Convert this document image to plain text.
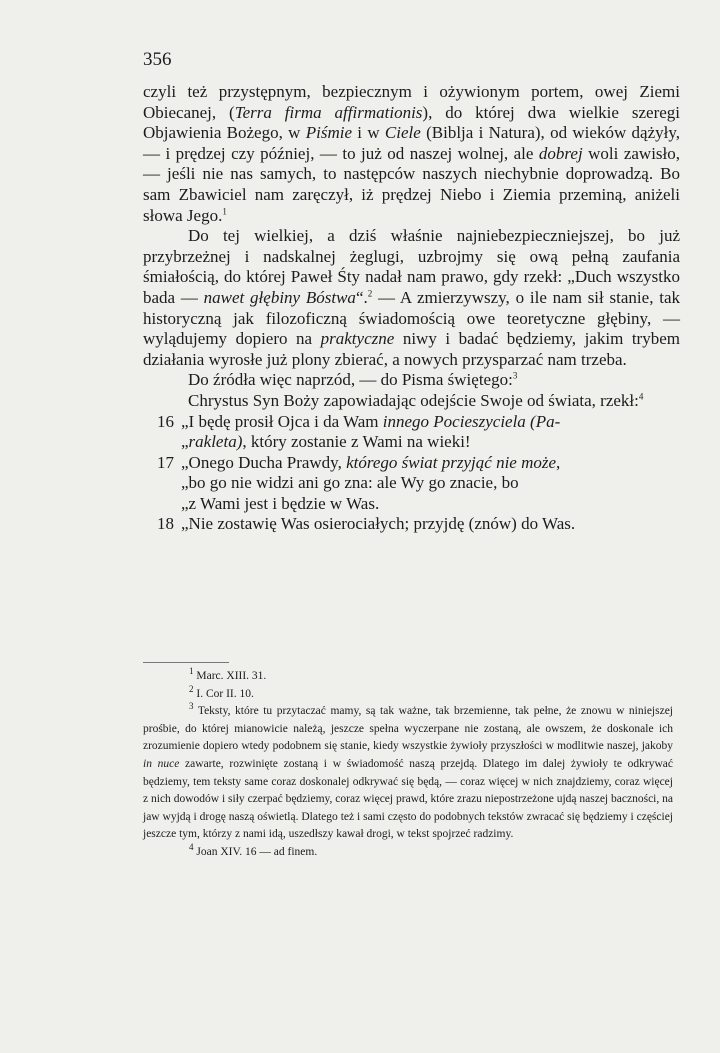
356

czyli też przystępnym, bezpiecznym i ożywionym portem, owej Ziemi Obiecanej, (Terra firma affirmationis), do której dwa wielkie szeregi Objawienia Bożego, w Piśmie i w Ciele (Biblja i Natura), od wieków dążyły, — i prędzej czy później, — to już od naszej wolnej, ale dobrej woli zawisło, — jeśli nie nas samych, to następców naszych niechybnie doprowadzą. Bo sam Zbawiciel nam zaręczył, iż prędzej Niebo i Ziemia przeminą, aniżeli słowa Jego.$^1$

Do tej wielkiej, a dziś właśnie najniebezpieczniejszej, bo już przybrzeżnej i nadskalnej żeglugi, uzbrojmy się ową pełną zaufania śmiałością, do której Paweł Śty nadał nam prawo, gdy rzekł: „Duch wszystko bada — nawet głębiny Bóstwa“.$^2$ — A zmierzywszy, o ile nam sił stanie, tak historyczną jak filozoficzną świadomością owe teoretyczne głębiny, — wylądujemy dopiero na praktyczne niwy i badać będziemy, jakim trybem działania wyrosłe już plony zbierać, a nowych przysparzać nam trzeba.

Do źródła więc naprzód, — do Pisma świętego:$^3$

Chrystus Syn Boży zapowiadając odejście Swoje od świata, rzekł:$^4$

16 „I będę prosił Ojca i da Wam innego Pocieszyciela (Pa-
„rakleta), który zostanie z Wami na wieki!
17 „Onego Ducha Prawdy, którego świat przyjąć nie może,
„bo go nie widzi ani go zna: ale Wy go znacie, bo
„z Wami jest i będzie w Was.
18 „Nie zostawię Was osierociałych; przyjdę (znów) do Was.

$^1$ Marc. XIII. 31.

$^2$ I. Cor II. 10.

$^3$ Teksty, które tu przytaczać mamy, są tak ważne, tak brzemienne, tak pełne, że znowu w niniejszej prośbie, do której mianowicie należą, jeszcze spełna wyczerpane nie zostaną, ale owszem, że doskonale ich zrozumienie dopiero wtedy podobnem się stanie, kiedy wszystkie żywioły przyszłości w modlitwie naszej, jakoby in nuce zawarte, rozwinięte zostaną i w świadomość naszą przejdą. Dlatego im dalej żywioły te odkrywać będziemy, tem teksty same coraz doskonalej odkrywać się będą, — coraz więcej w nich znajdziemy, coraz więcej z nich dowodów i siły czerpać będziemy, coraz więcej prawd, które zrazu niepostrzeżone ujdą naszej baczności, na jaw wyjdą i drogę naszą oświetlą. Dlatego też i sami często do podobnych tekstów zwracać się będziemy i częściej jeszcze tym, którzy z nami idą, uszedłszy kawał drogi, w tekst spojrzeć radzimy.

$^4$ Joan XIV. 16 — ad finem.
